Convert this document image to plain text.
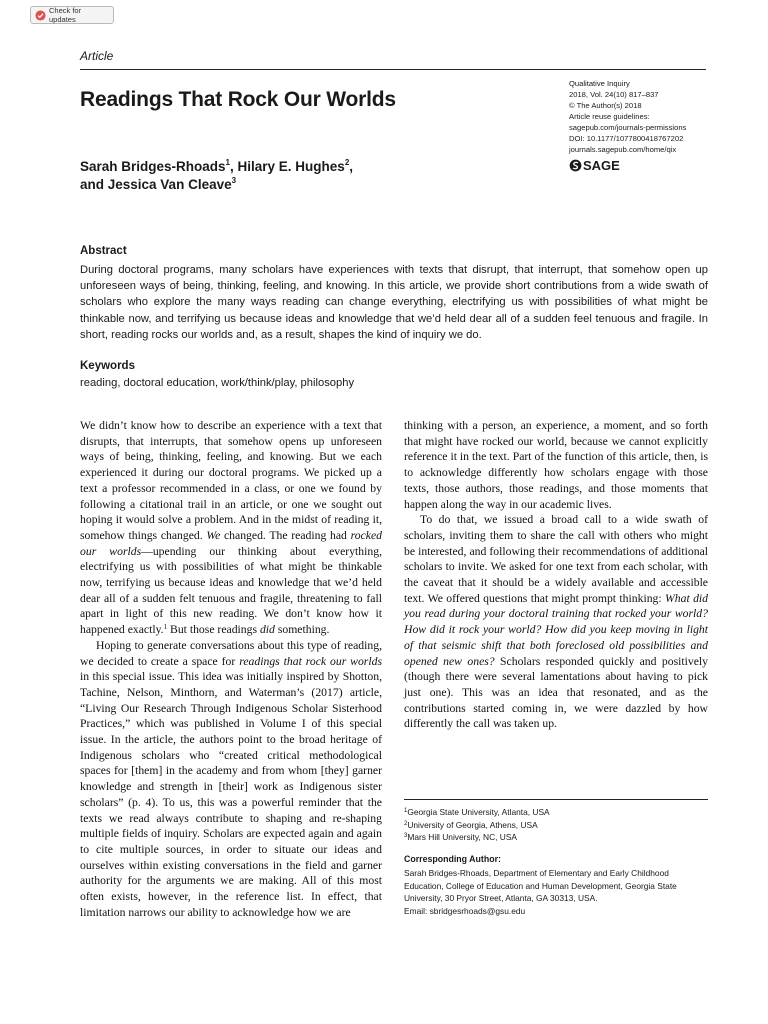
Check for updates
Article
Readings That Rock Our Worlds
Sarah Bridges-Rhoads$^1$, Hilary E. Hughes$^2$,
and Jessica Van Cleave$^3$
Qualitative Inquiry
2018, Vol. 24(10) 817–837
© The Author(s) 2018
Article reuse guidelines:
sagepub.com/journals-permissions
DOI: 10.1177/1077800418767202
journals.sagepub.com/home/qix
SAGE
Abstract
During doctoral programs, many scholars have experiences with texts that disrupt, that interrupt, that somehow open up unforeseen ways of being, thinking, feeling, and knowing. In this article, we provide short contributions from a wide swath of scholars who explore the many ways reading can change everything, electrifying us with possibilities of what might be thinkable now, and terrifying us because ideas and knowledge that we’d held dear all of a sudden feel tenuous and fragile. In short, reading rocks our worlds and, as a result, shapes the kind of inquiry we do.
Keywords
reading, doctoral education, work/think/play, philosophy

We didn’t know how to describe an experience with a text that disrupts, that interrupts, that somehow opens up unforeseen ways of being, thinking, feeling, and knowing. But we each experienced it during our doctoral programs. We picked up a text a professor recommended in a class, or one we found by following a citational trail in an article, or one we sought out hoping it would solve a problem. And in the midst of reading it, somehow things changed. We changed. The reading had rocked our worlds—upending our thinking about everything, electrifying us with possibilities of what might be thinkable now, terrifying us because ideas and knowledge that we’d held dear all of a sudden felt tenuous and fragile, threatening to fall apart in light of this new reading. We don’t know how it happened exactly.$^1$ But those readings did something.

Hoping to generate conversations about this type of reading, we decided to create a space for readings that rock our worlds in this special issue. This idea was initially inspired by Shotton, Tachine, Nelson, Minthorn, and Waterman’s (2017) article, “Living Our Research Through Indigenous Scholar Sisterhood Practices,” which was published in Volume I of this special issue. In the article, the authors point to the broad heritage of Indigenous scholars who “created critical methodological spaces for [them] in the academy and from whom [they] garner knowledge and strength in [their] work as Indigenous sister scholars” (p. 4). To us, this was a powerful reminder that the texts we read always contribute to shaping and re-shaping multiple fields of inquiry. Scholars are expected again and again to cite multiple sources, in order to situate our ideas and ourselves within existing conversations in the field and garner authority for the arguments we are making. All of this most often exists, however, in the reference list. In effect, that limitation narrows our ability to acknowledge how we are

thinking with a person, an experience, a moment, and so forth that might have rocked our world, because we cannot explicitly reference it in the text. Part of the function of this article, then, is to acknowledge differently how scholars engage with those texts, those authors, those readings, and those moments that happen along the way in our academic lives.

To do that, we issued a broad call to a wide swath of scholars, inviting them to share the call with others who might be interested, and following their recommendations of additional scholars to invite. We asked for one text from each scholar, with the caveat that it should be a widely available and accessible text. We offered questions that might prompt thinking: What did you read during your doctoral training that rocked your world? How did it rock your world? How did you keep moving in light of that seismic shift that both foreclosed old possibilities and opened new ones? Scholars responded quickly and positively (though there were several lamentations about having to pick just one). This was an idea that resonated, and as the contributions started coming in, we were dazzled by how differently the call was taken up.

$^1$Georgia State University, Atlanta, USA
$^2$University of Georgia, Athens, USA
$^3$Mars Hill University, NC, USA
Corresponding Author:
Sarah Bridges-Rhoads, Department of Elementary and Early Childhood
Education, College of Education and Human Development, Georgia State
University, 30 Pryor Street, Atlanta, GA 30313, USA.
Email: sbridgesrhoads@gsu.edu
